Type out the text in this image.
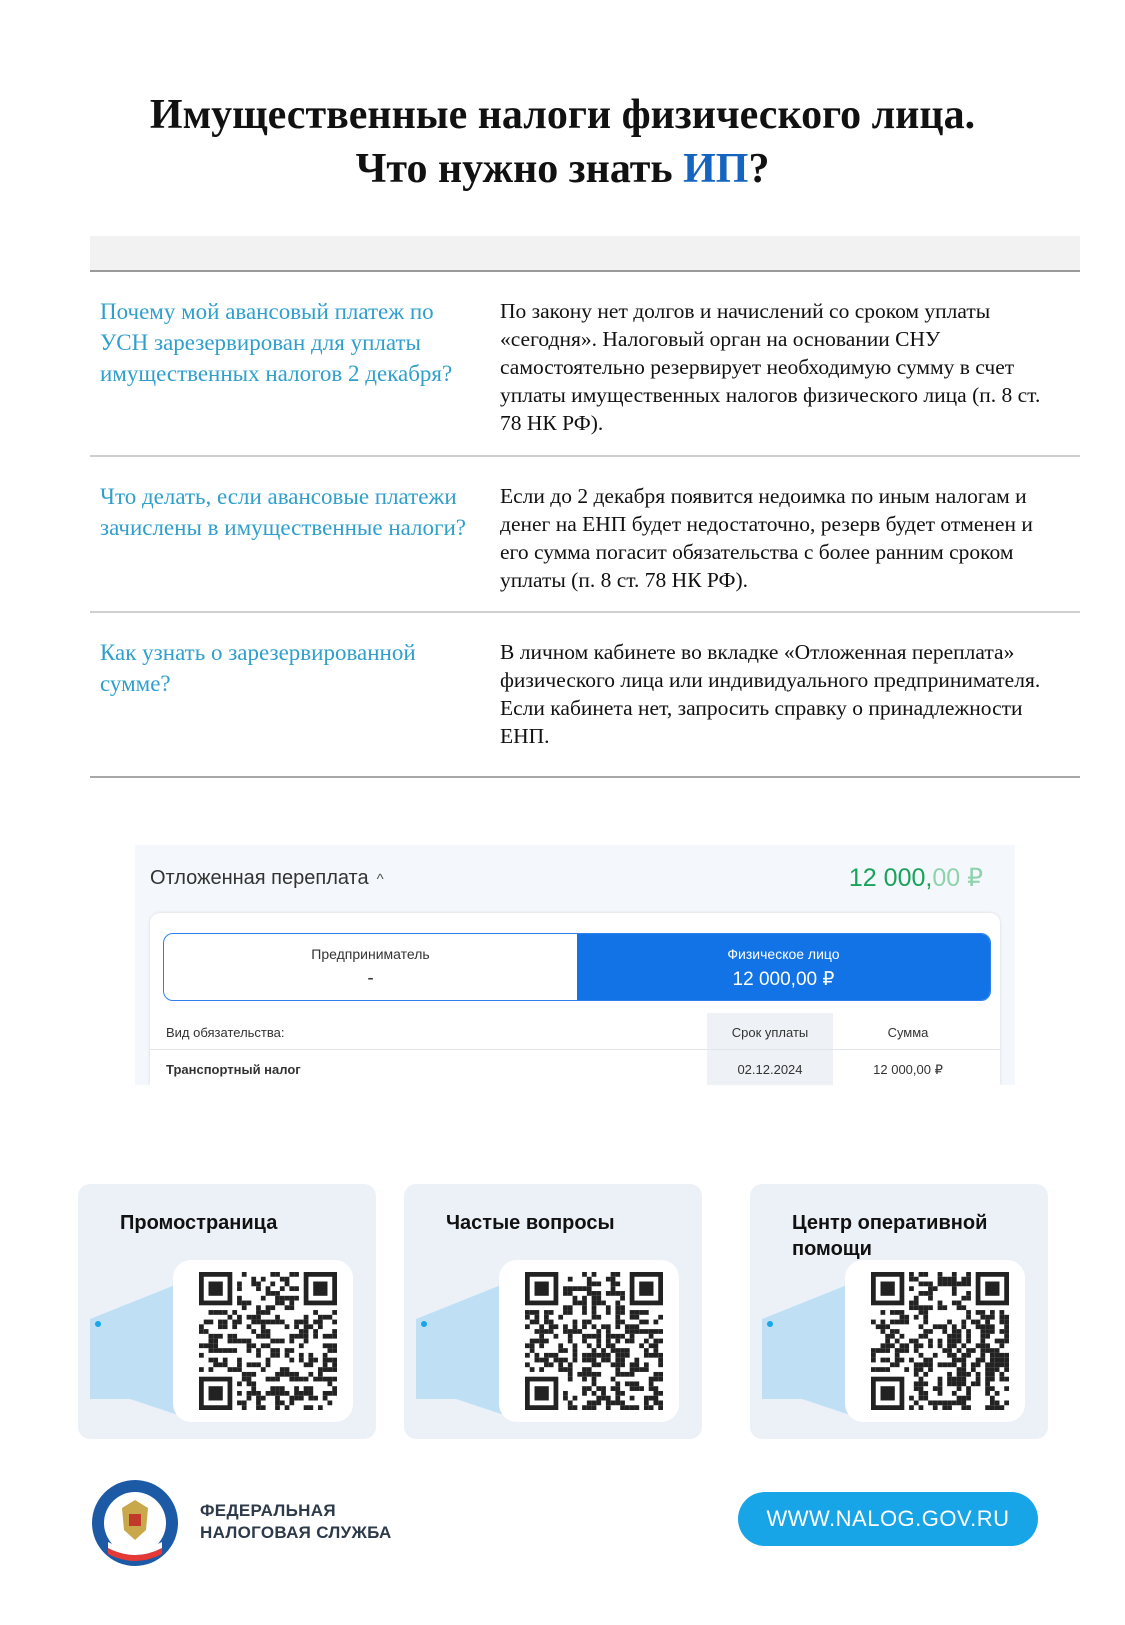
Имущественные налоги физического лица.
Что нужно знать ИП?
Почему мой авансовый платеж по УСН зарезервирован для уплаты имущественных налогов 2 декабря?
По закону нет долгов и начислений со сроком уплаты «сегодня». Налоговый орган на основании СНУ самостоятельно резервирует необходимую сумму в счет уплаты имущественных налогов физического лица (п. 8 ст. 78 НК РФ).
Что делать, если авансовые платежи зачислены в имущественные налоги?
Если до 2 декабря появится недоимка по иным налогам и денег на ЕНП будет недостаточно, резерв будет отменен и его сумма погасит обязательства с более ранним сроком уплаты (п. 8 ст. 78 НК РФ).
Как узнать о зарезервированной сумме?
В личном кабинете во вкладке «Отложенная переплата» физического лица или индивидуального предпринимателя. Если кабинета нет, запросить справку о принадлежности ЕНП.
Отложенная переплата ^	12 000,00 ₽
Предприниматель
-
Физическое лицо
12 000,00 ₽
Вид обязательства:	Срок уплаты	Сумма
Транспортный налог	02.12.2024	12 000,00 ₽
Промостраница	Частые вопросы	Центр оперативной помощи
ФЕДЕРАЛЬНАЯ
НАЛОГОВАЯ СЛУЖБА
WWW.NALOG.GOV.RU
